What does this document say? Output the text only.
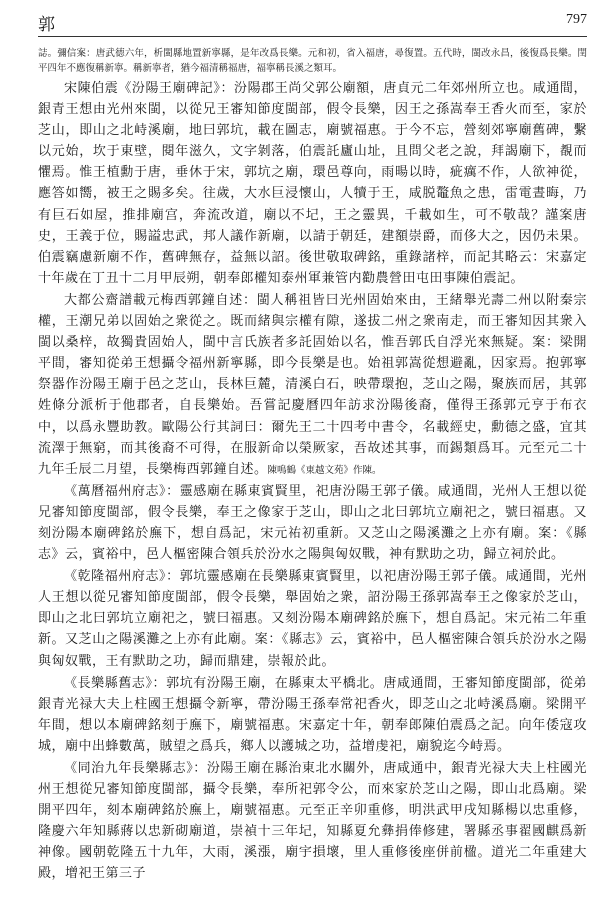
郭	797
誌。彌信案：唐武德六年，析閩縣地置新寧縣，是年改爲長樂。元和初，省入福唐，尋復置。五代時，閩改永昌，後復爲長樂。閏平四年不應復稱新寧。稱新寧者，猶今福清稱福唐，福寧稱長溪之類耳。

宋陳伯震《汾陽王廟碑記》：汾陽郡王尚父郭公廟額，唐貞元二年郊州所立也。咸通間，銀青王想由光州來閩，以從兄王審知節度閩部，假令長樂，因王之孫嵩奉王香火而至，家於芝山，即山之北峙溪廟，地曰郭坑，載在圖志，廟號福惠。于今不忘，營刻郊寧廟舊碑，繫以元始，坎于東壁，閱年滋久，文字剝落，伯震託廬山址，且問父老之說，拜謁廟下，覩而懼焉。惟王植勳于唐，垂休于宋，郭坑之廟，環邑尊向，雨暘以時，疵癘不作，人欲神從，應答如嚮，被王之賜多矣。往歲，大水巨浸懷山，人犢于王，咸脱鼇魚之患，雷電晝晦，乃有巨石如屋，推排廟宫，奔流改道，廟以不圮，王之靈異，千載如生，可不敬哉？謹案唐史，王義于位，賜謚忠武，邦人議作新廟，以請于朝廷，建額崇爵，而侈大之，因仍未果。伯震竊慮新廟不作，舊碑無存，益無以詔。後世敬取碑銘，重錄諸梓，而記其略云：宋嘉定十年歲在丁丑十二月甲辰朔，朝奉郎權知泰州軍兼管内勸農營田屯田事陳伯震記。

大都公齋譜載元梅西郭鐘自述：閩人稱祖皆曰光州固始來由，王緒舉光壽二州以附秦宗權，王潮兄弟以固始之衆從之。既而緒與宗權有隙，遂拔二州之衆南走，而王審知因其衆入閩以桑梓，故獨貴固始人，閩中言氏族者多託固始以名，惟吾郭氏自浮光來無疑。案：梁開平間，審知從弟王想攝令福州新寧縣，即今長樂是也。始祖郭嵩從想避亂，因家焉。抱郭寧祭器作汾陽王廟于邑之芝山，長林巨麓，清溪白石，映帶環抱，芝山之陽，聚族而居，其郭姓條分派析于他郡者，自長樂始。吾嘗記慶曆四年訪求汾陽後裔，僅得王孫郭元亨于布衣中，以爲永豐助教。歐陽公行其詞曰：爾先王二十四考中書令，名載經史，勳德之盛，宜其流澤于無窮，而其後裔不可得，在服新命以榮厥家，吾故述其事，而錫類爲耳。元至元二十九年壬辰二月望，長樂梅西郭鐘自述。陳鳴鶴《東越文苑》作陳。

《萬曆福州府志》：靈感廟在縣東賓賢里，祀唐汾陽王郭子儀。咸通間，光州人王想以從兄審知節度閩部，假令長樂，奉王之像家于芝山，即山之北曰郭坑立廟祀之，號曰福惠。又刻汾陽本廟碑銘於廡下，想自爲記，宋元祐初重新。又芝山之陽溪灘之上亦有廟。案：《縣志》云，賓裕中，邑人樞密陳合領兵於汾水之陽與匈奴戰，神有默助之功，歸立祠於此。

《乾隆福州府志》：郭坑靈感廟在長樂縣東賓賢里，以祀唐汾陽王郭子儀。咸通間，光州人王想以從兄審知節度閩部，假令長樂，舉固始之衆，詔汾陽王孫郭嵩奉王之像家於芝山，即山之北曰郭坑立廟祀之，號曰福惠。又刻汾陽本廟碑銘於廡下，想自爲記。宋元祐二年重新。又芝山之陽溪灘之上亦有此廟。案：《縣志》云，賓裕中，邑人樞密陳合領兵於汾水之陽與匈奴戰，王有默助之功，歸而鼎建，崇報於此。

《長樂縣舊志》：郭坑有汾陽王廟，在縣東太平橋北。唐咸通間，王審知節度閩部，從弟銀青光禄大夫上柱國王想攝令新寧，帶汾陽王孫奉常祀香火，即芝山之北峙溪爲廟。梁開平年間，想以本廟碑銘刻于廡下，廟號福惠。宋嘉定十年，朝奉郎陳伯震爲之記。向年倭寇攻城，廟中出蜂數萬，賊望之爲兵，鄉人以護城之功，益增虔祀，廟貌迄今峙焉。

《同治九年長樂縣志》：汾陽王廟在縣治東北水關外，唐咸通中，銀青光禄大夫上柱國光州王想從兄審知節度閩部，攝令長樂，奉所祀郭令公，而來家於芝山之陽，即山北爲廟。梁開平四年，刻本廟碑銘於廡上，廟號福惠。元至正辛卯重修，明洪武甲戌知縣楊以忠重修，隆慶六年知縣蔣以忠新砌廟道，崇禎十三年圮，知縣夏允彝捐俸修建，署縣丞事翟國麒爲新神像。國朝乾隆五十九年，大雨，溪漲，廟宇損壞，里人重修後座併前楹。道光二年重建大殿，增祀王第三子
